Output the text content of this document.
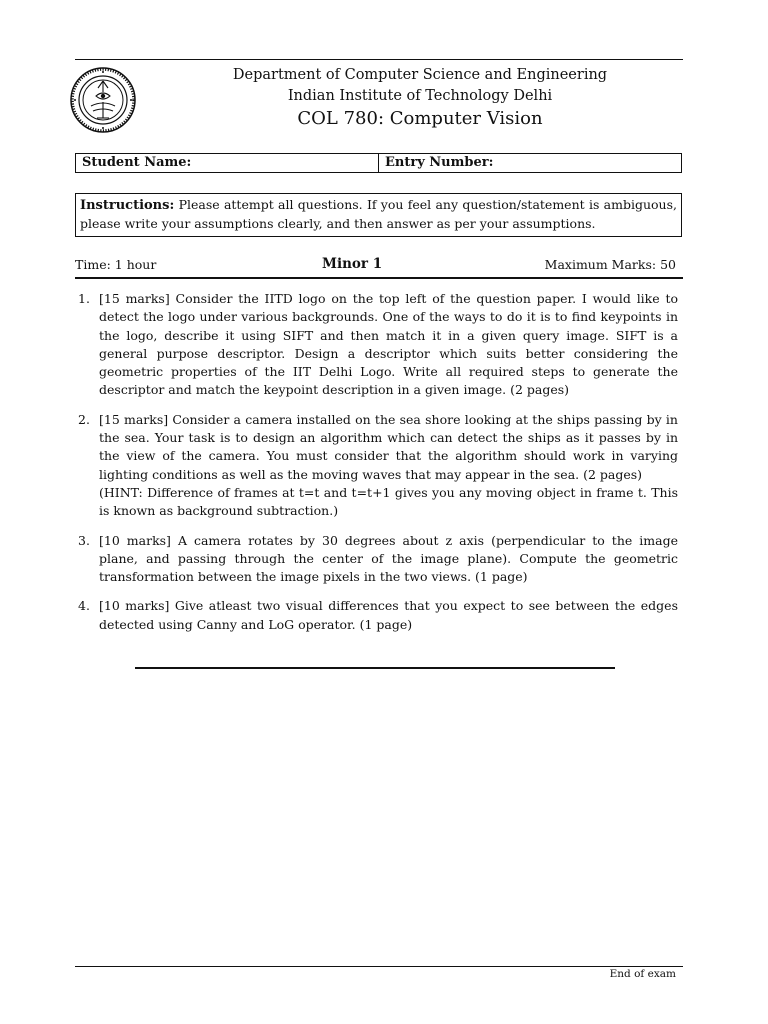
Department of Computer Science and Engineering
Indian Institute of Technology Delhi
COL 780: Computer Vision
Student Name:	Entry Number:
Instructions: Please attempt all questions. If you feel any question/statement is ambiguous, please write your assumptions clearly, and then answer as per your assumptions.
Time: 1 hour	Minor 1	Maximum Marks: 50
1. [15 marks] Consider the IITD logo on the top left of the question paper. I would like to detect the logo under various backgrounds. One of the ways to do it is to find keypoints in the logo, describe it using SIFT and then match it in a given query image. SIFT is a general purpose descriptor. Design a descriptor which suits better considering the geometric properties of the IIT Delhi Logo. Write all required steps to generate the descriptor and match the keypoint description in a given image. (2 pages)
2. [15 marks] Consider a camera installed on the sea shore looking at the ships passing by in the sea. Your task is to design an algorithm which can detect the ships as it passes by in the view of the camera. You must consider that the algorithm should work in varying lighting conditions as well as the moving waves that may appear in the sea. (2 pages)
(HINT: Difference of frames at t=t and t=t+1 gives you any moving object in frame t. This is known as background subtraction.)
3. [10 marks] A camera rotates by 30 degrees about z axis (perpendicular to the image plane, and passing through the center of the image plane). Compute the geometric transformation between the image pixels in the two views. (1 page)
4. [10 marks] Give atleast two visual differences that you expect to see between the edges detected using Canny and LoG operator. (1 page)
End of exam
